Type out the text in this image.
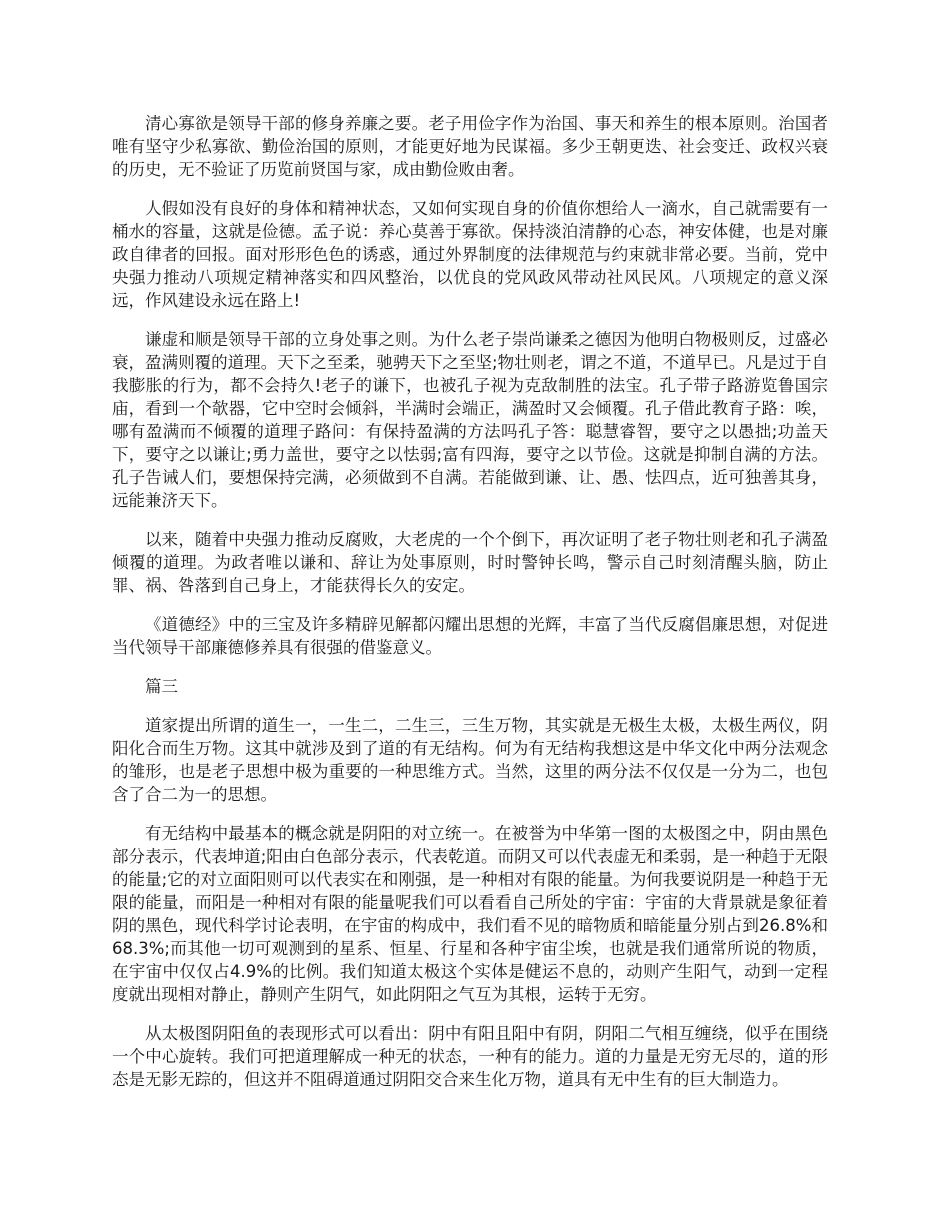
清心寡欲是领导干部的修身养廉之要。老子用俭字作为治国、事天和养生的根本原则。治国者唯有坚守少私寡欲、勤俭治国的原则，才能更好地为民谋福。多少王朝更迭、社会变迁、政权兴衰的历史，无不验证了历览前贤国与家，成由勤俭败由奢。

人假如没有良好的身体和精神状态，又如何实现自身的价值你想给人一滴水，自己就需要有一桶水的容量，这就是俭德。孟子说：养心莫善于寡欲。保持淡泊清静的心态，神安体健，也是对廉政自律者的回报。面对形形色色的诱惑，通过外界制度的法律规范与约束就非常必要。当前，党中央强力推动八项规定精神落实和四风整治，以优良的党风政风带动社风民风。八项规定的意义深远，作风建设永远在路上!

谦虚和顺是领导干部的立身处事之则。为什么老子崇尚谦柔之德因为他明白物极则反，过盛必衰，盈满则覆的道理。天下之至柔，驰骋天下之至坚;物壮则老，谓之不道，不道早已。凡是过于自我膨胀的行为，都不会持久!老子的谦下，也被孔子视为克敌制胜的法宝。孔子带子路游览鲁国宗庙，看到一个欹器，它中空时会倾斜，半满时会端正，满盈时又会倾覆。孔子借此教育子路：唉，哪有盈满而不倾覆的道理子路问：有保持盈满的方法吗孔子答：聪慧睿智，要守之以愚拙;功盖天下，要守之以谦让;勇力盖世，要守之以怯弱;富有四海，要守之以节俭。这就是抑制自满的方法。孔子告诫人们，要想保持完满，必须做到不自满。若能做到谦、让、愚、怯四点，近可独善其身，远能兼济天下。

以来，随着中央强力推动反腐败，大老虎的一个个倒下，再次证明了老子物壮则老和孔子满盈倾覆的道理。为政者唯以谦和、辞让为处事原则，时时警钟长鸣，警示自己时刻清醒头脑，防止罪、祸、咎落到自己身上，才能获得长久的安定。

《道德经》中的三宝及许多精辟见解都闪耀出思想的光辉，丰富了当代反腐倡廉思想，对促进当代领导干部廉德修养具有很强的借鉴意义。

篇三

道家提出所谓的道生一，一生二，二生三，三生万物，其实就是无极生太极，太极生两仪，阴阳化合而生万物。这其中就涉及到了道的有无结构。何为有无结构我想这是中华文化中两分法观念的雏形，也是老子思想中极为重要的一种思维方式。当然，这里的两分法不仅仅是一分为二，也包含了合二为一的思想。

有无结构中最基本的概念就是阴阳的对立统一。在被誉为中华第一图的太极图之中，阴由黑色部分表示，代表坤道;阳由白色部分表示，代表乾道。而阴又可以代表虚无和柔弱，是一种趋于无限的能量;它的对立面阳则可以代表实在和刚强，是一种相对有限的能量。为何我要说阴是一种趋于无限的能量，而阳是一种相对有限的能量呢我们可以看看自己所处的宇宙：宇宙的大背景就是象征着阴的黑色，现代科学讨论表明，在宇宙的构成中，我们看不见的暗物质和暗能量分别占到26.8%和68.3%;而其他一切可观测到的星系、恒星、行星和各种宇宙尘埃，也就是我们通常所说的物质，在宇宙中仅仅占4.9%的比例。我们知道太极这个实体是健运不息的，动则产生阳气，动到一定程度就出现相对静止，静则产生阴气，如此阴阳之气互为其根，运转于无穷。

从太极图阴阳鱼的表现形式可以看出：阴中有阳且阳中有阴，阴阳二气相互缠绕，似乎在围绕一个中心旋转。我们可把道理解成一种无的状态，一种有的能力。道的力量是无穷无尽的，道的形态是无影无踪的，但这并不阻碍道通过阴阳交合来生化万物，道具有无中生有的巨大制造力。
